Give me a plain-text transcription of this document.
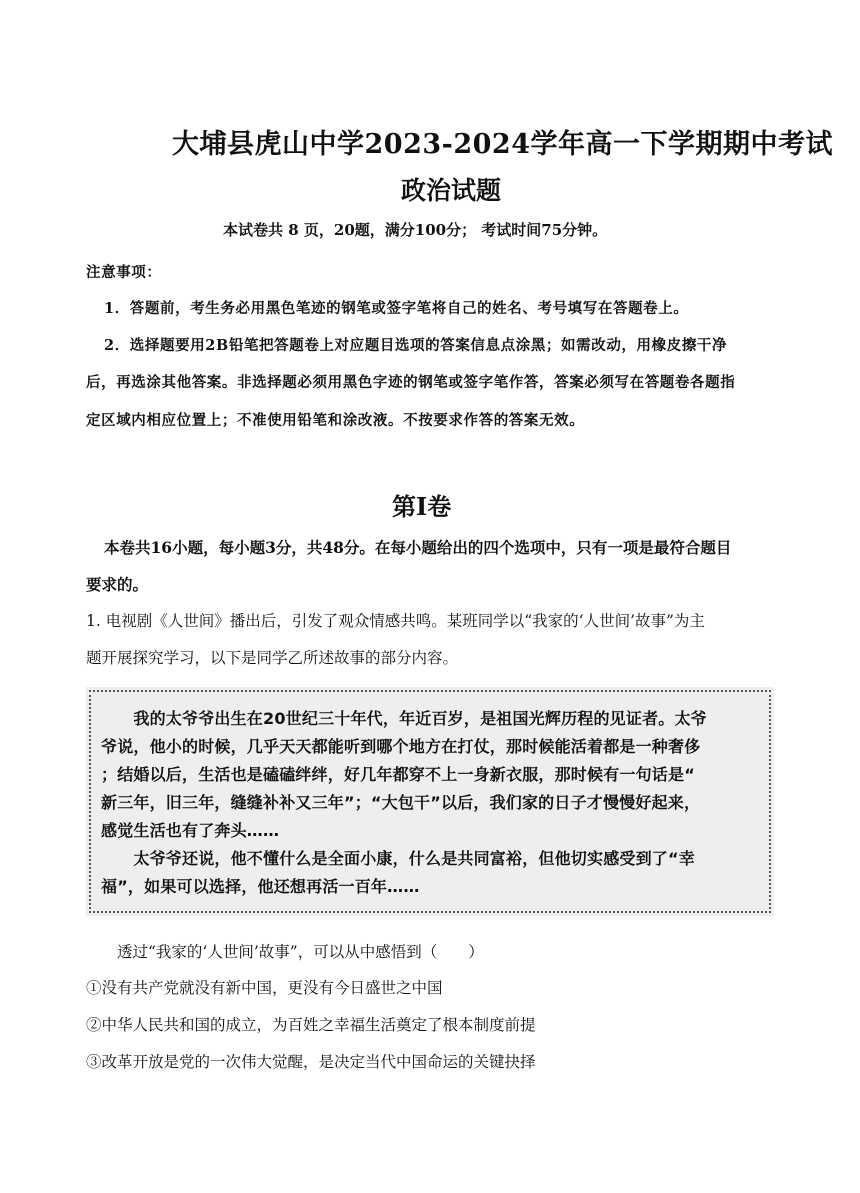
大埔县虎山中学2023-2024学年高一下学期期中考试
政治试题
本试卷共 8 页，20题，满分100分； 考试时间75分钟。
注意事项：
1．答题前，考生务必用黑色笔迹的钢笔或签字笔将自己的姓名、考号填写在答题卷上。
2．选择题要用2B铅笔把答题卷上对应题目选项的答案信息点涂黑；如需改动，用橡皮擦干净
后，再选涂其他答案。非选择题必须用黑色字迹的钢笔或签字笔作答，答案必须写在答题卷各题指
定区域内相应位置上；不准使用铅笔和涂改液。不按要求作答的答案无效。
第Ⅰ卷
本卷共16小题，每小题3分，共48分。在每小题给出的四个选项中，只有一项是最符合题目
要求的。
1. 电视剧《人世间》播出后，引发了观众情感共鸣。某班同学以“我家的‘人世间’故事”为主
题开展探究学习，以下是同学乙所述故事的部分内容。
　　我的太爷爷出生在20世纪三十年代，年近百岁，是祖国光辉历程的见证者。太爷
爷说，他小的时候，几乎天天都能听到哪个地方在打仗，那时候能活着都是一种奢侈
；结婚以后，生活也是磕磕绊绊，好几年都穿不上一身新衣服，那时候有一句话是“
新三年，旧三年，缝缝补补又三年”；“大包干”以后，我们家的日子才慢慢好起来，
感觉生活也有了奔头……
　　太爷爷还说，他不懂什么是全面小康，什么是共同富裕，但他切实感受到了“幸
福”，如果可以选择，他还想再活一百年……
透过“我家的‘人世间’故事”，可以从中感悟到（　　）
①没有共产党就没有新中国，更没有今日盛世之中国
②中华人民共和国的成立，为百姓之幸福生活奠定了根本制度前提
③改革开放是党的一次伟大觉醒，是决定当代中国命运的关键抉择
